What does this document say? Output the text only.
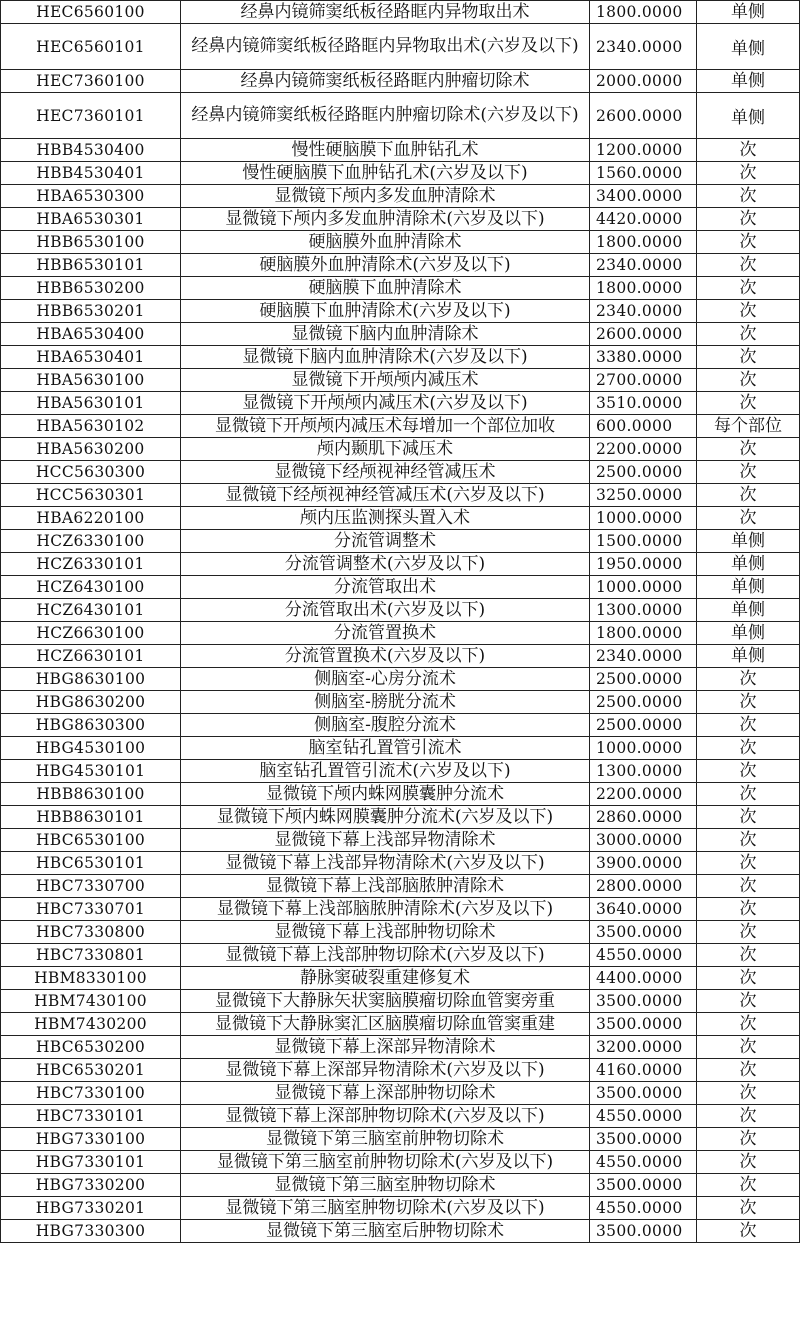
HEC6560100	经鼻内镜筛窦纸板径路眶内异物取出术	1800.0000	单侧
HEC6560101	经鼻内镜筛窦纸板径路眶内异物取出术(六岁及以下)	2340.0000	单侧
HEC7360100	经鼻内镜筛窦纸板径路眶内肿瘤切除术	2000.0000	单侧
HEC7360101	经鼻内镜筛窦纸板径路眶内肿瘤切除术(六岁及以下)	2600.0000	单侧
HBB4530400	慢性硬脑膜下血肿钻孔术	1200.0000	次
HBB4530401	慢性硬脑膜下血肿钻孔术(六岁及以下)	1560.0000	次
HBA6530300	显微镜下颅内多发血肿清除术	3400.0000	次
HBA6530301	显微镜下颅内多发血肿清除术(六岁及以下)	4420.0000	次
HBB6530100	硬脑膜外血肿清除术	1800.0000	次
HBB6530101	硬脑膜外血肿清除术(六岁及以下)	2340.0000	次
HBB6530200	硬脑膜下血肿清除术	1800.0000	次
HBB6530201	硬脑膜下血肿清除术(六岁及以下)	2340.0000	次
HBA6530400	显微镜下脑内血肿清除术	2600.0000	次
HBA6530401	显微镜下脑内血肿清除术(六岁及以下)	3380.0000	次
HBA5630100	显微镜下开颅颅内减压术	2700.0000	次
HBA5630101	显微镜下开颅颅内减压术(六岁及以下)	3510.0000	次
HBA5630102	显微镜下开颅颅内减压术每增加一个部位加收	600.0000	每个部位
HBA5630200	颅内颞肌下减压术	2200.0000	次
HCC5630300	显微镜下经颅视神经管减压术	2500.0000	次
HCC5630301	显微镜下经颅视神经管减压术(六岁及以下)	3250.0000	次
HBA6220100	颅内压监测探头置入术	1000.0000	次
HCZ6330100	分流管调整术	1500.0000	单侧
HCZ6330101	分流管调整术(六岁及以下)	1950.0000	单侧
HCZ6430100	分流管取出术	1000.0000	单侧
HCZ6430101	分流管取出术(六岁及以下)	1300.0000	单侧
HCZ6630100	分流管置换术	1800.0000	单侧
HCZ6630101	分流管置换术(六岁及以下)	2340.0000	单侧
HBG8630100	侧脑室-心房分流术	2500.0000	次
HBG8630200	侧脑室-膀胱分流术	2500.0000	次
HBG8630300	侧脑室-腹腔分流术	2500.0000	次
HBG4530100	脑室钻孔置管引流术	1000.0000	次
HBG4530101	脑室钻孔置管引流术(六岁及以下)	1300.0000	次
HBB8630100	显微镜下颅内蛛网膜囊肿分流术	2200.0000	次
HBB8630101	显微镜下颅内蛛网膜囊肿分流术(六岁及以下)	2860.0000	次
HBC6530100	显微镜下幕上浅部异物清除术	3000.0000	次
HBC6530101	显微镜下幕上浅部异物清除术(六岁及以下)	3900.0000	次
HBC7330700	显微镜下幕上浅部脑脓肿清除术	2800.0000	次
HBC7330701	显微镜下幕上浅部脑脓肿清除术(六岁及以下)	3640.0000	次
HBC7330800	显微镜下幕上浅部肿物切除术	3500.0000	次
HBC7330801	显微镜下幕上浅部肿物切除术(六岁及以下)	4550.0000	次
HBM8330100	静脉窦破裂重建修复术	4400.0000	次
HBM7430100	显微镜下大静脉矢状窦脑膜瘤切除血管窦旁重	3500.0000	次
HBM7430200	显微镜下大静脉窦汇区脑膜瘤切除血管窦重建	3500.0000	次
HBC6530200	显微镜下幕上深部异物清除术	3200.0000	次
HBC6530201	显微镜下幕上深部异物清除术(六岁及以下)	4160.0000	次
HBC7330100	显微镜下幕上深部肿物切除术	3500.0000	次
HBC7330101	显微镜下幕上深部肿物切除术(六岁及以下)	4550.0000	次
HBG7330100	显微镜下第三脑室前肿物切除术	3500.0000	次
HBG7330101	显微镜下第三脑室前肿物切除术(六岁及以下)	4550.0000	次
HBG7330200	显微镜下第三脑室肿物切除术	3500.0000	次
HBG7330201	显微镜下第三脑室肿物切除术(六岁及以下)	4550.0000	次
HBG7330300	显微镜下第三脑室后肿物切除术	3500.0000	次
